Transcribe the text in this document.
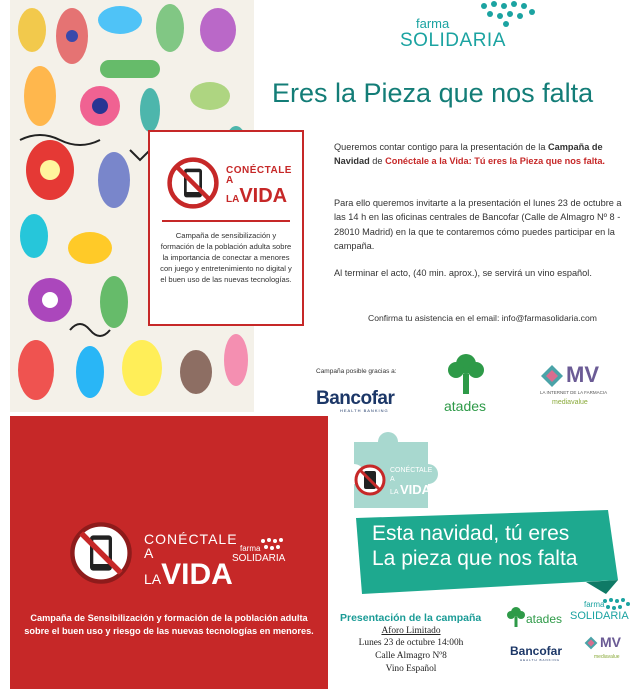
CONÉCTALE
A
LAVIDA
Campaña de sensibilización y formación de la población adulta sobre la importancia de conectar a menores con juego y entretenimiento no digital y el buen uso de las nuevas tecnologías.
farma
SOLIDARIA
Eres la Pieza que nos falta
Queremos contar contigo para la presentación de la Campaña de Navidad de Conéctale a la Vida: Tú eres la Pieza que nos falta.
Para ello queremos invitarte a la presentación el lunes 23 de octubre a las 14 h en las oficinas centrales de Bancofar (Calle de Almagro Nº 8 - 28010 Madrid) en la que te contaremos cómo puedes participar en la campaña.
Al terminar el acto, (40 min. aprox.), se servirá un vino español.
Confirma tu asistencia en el email: info@farmasolidaria.com
Campaña posible gracias a:
Bancofar
HEALTH BANKING	atades
MV
LA INTERNET DE LA FARMACIA
mediavalue
CONÉCTALE
A
LAVIDA
farma
SOLIDARIA
Campaña de Sensibilización y formación de la población adulta sobre el buen uso y riesgo de las nuevas tecnologías en menores.
CONÉCTALE
A
LA VIDA
Esta navidad, tú eres
La pieza que nos falta
Presentación de la campaña
Aforo Limitado
Lunes 23 de octubre 14:00h
Calle Almagro Nº8
Vino Español
atades
farma
SOLIDARIA
Bancofar
HEALTH BANKING
MV
mediavalue
